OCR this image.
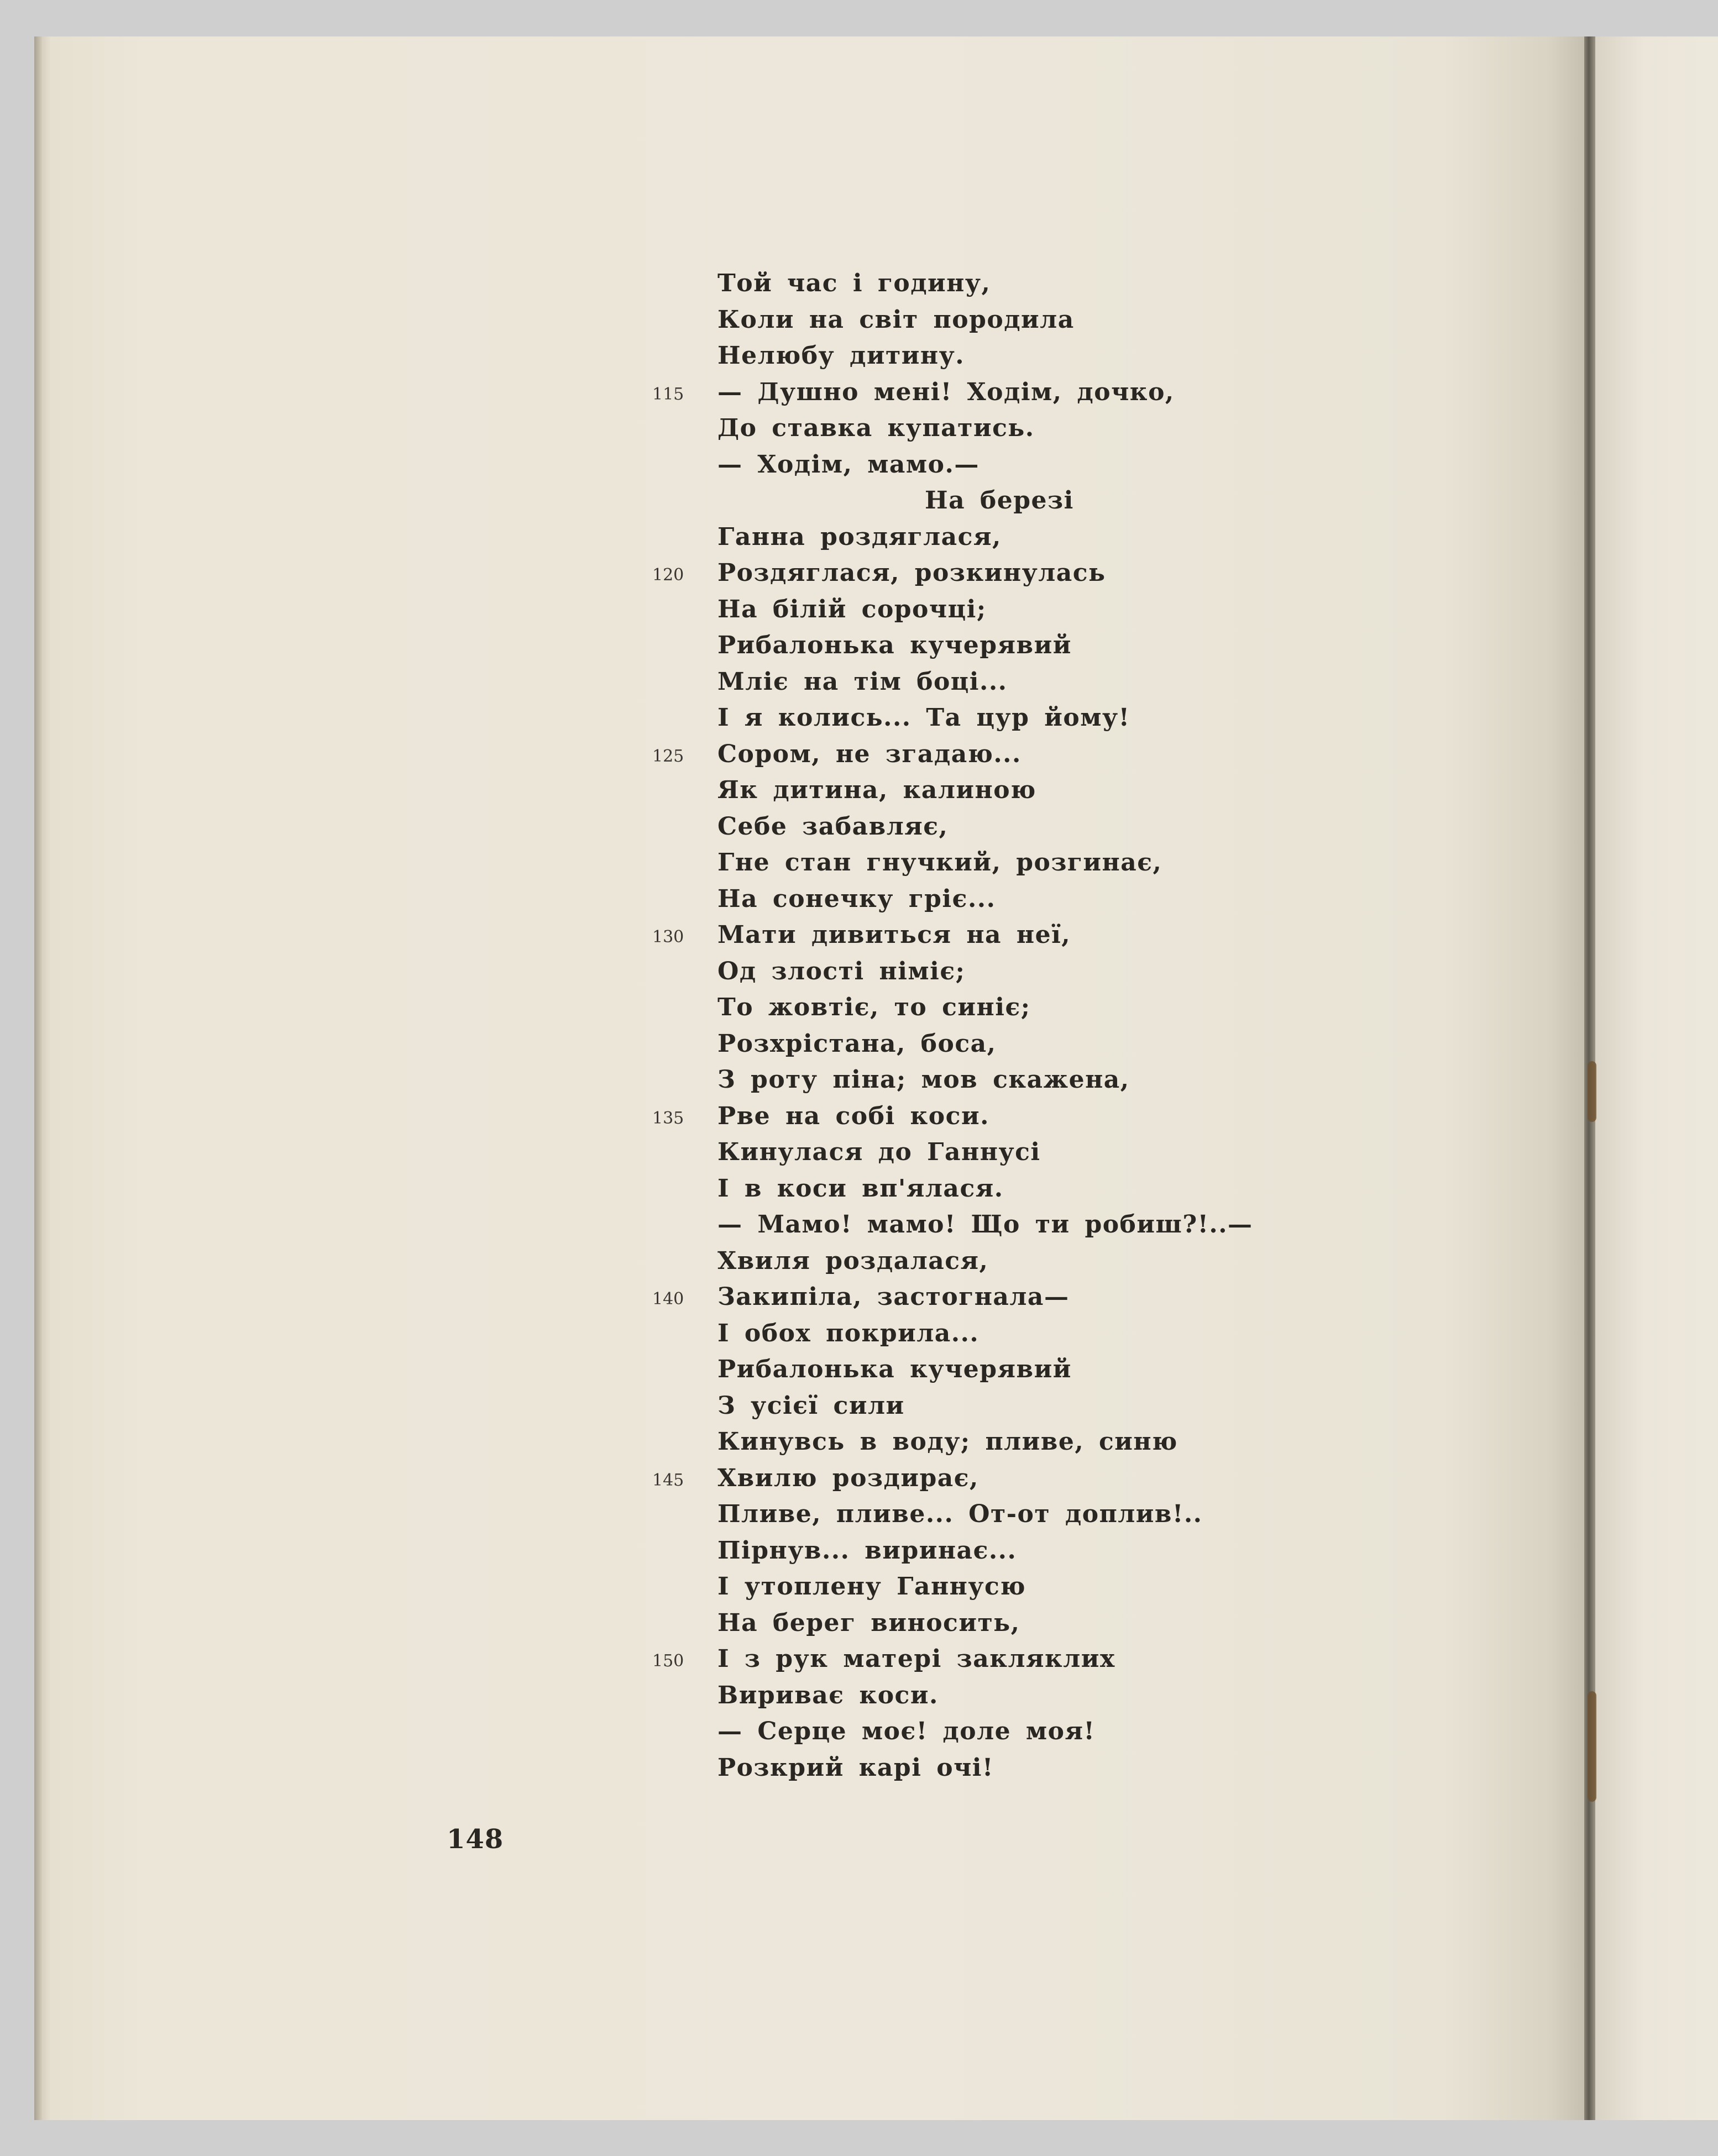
Той час і годину,
Коли на світ породила
Нелюбу дитину.
— Душно мені! Ходім, дочко,
115
До ставка купатись.
— Ходім, мамо.—
На березі
Ганна роздяглася,
Роздяглася, розкинулась
120
На білій сорочці;
Рибалонька кучерявий
Мліє на тім боці...
І я колись... Та цур йому!
Сором, не згадаю...
125
Як дитина, калиною
Себе забавляє,
Гне стан гнучкий, розгинає,
На сонечку гріє...
Мати дивиться на неї,
130
Од злості німіє;
То жовтіє, то синіє;
Розхрістана, боса,
З роту піна; мов скажена,
Рве на собі коси.
135
Кинулася до Ганнусі
І в коси вп'ялася.
— Мамо! мамо! Що ти робиш?!..—
Хвиля роздалася,
Закипіла, застогнала—
140
І обох покрила...
Рибалонька кучерявий
З усієї сили
Кинувсь в воду; пливе, синю
Хвилю роздирає,
145
Пливе, пливе... От-от доплив!..
Пірнув... виринає...
І утоплену Ганнусю
На берег виносить,
І з рук матері закляклих
150
Вириває коси.
— Серце моє! доле моя!
Розкрий карі очі!
148
